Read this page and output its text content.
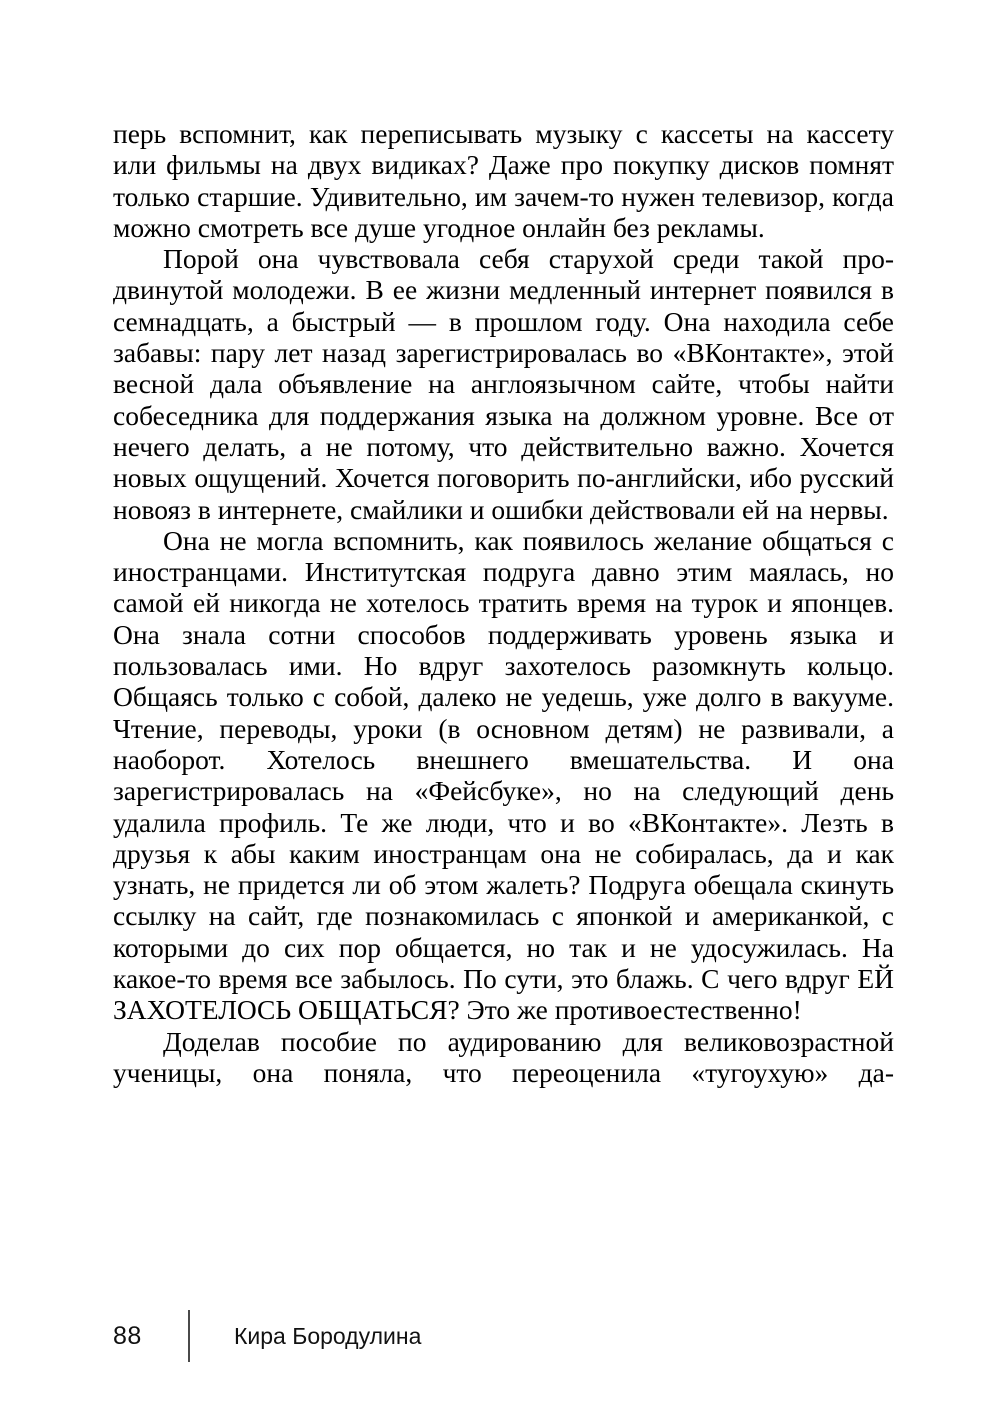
перь вспомнит, как переписывать музыку с кассеты на кассету или фильмы на двух видиках? Даже про покупку дисков помнят только старшие. Удивительно, им зачем-то нужен телевизор, когда можно смотреть все душе угодное онлайн без рекламы.

Порой она чувствовала себя старухой среди такой продвинутой молодежи. В ее жизни медленный интернет появился в семнадцать, а быстрый — в прошлом году. Она находила себе забавы: пару лет назад зарегистрировалась во «ВКонтакте», этой весной дала объявление на англоязычном сайте, чтобы найти собеседника для поддержания языка на должном уровне. Все от нечего делать, а не потому, что действительно важно. Хочется новых ощущений. Хочется поговорить по-английски, ибо русский новояз в интернете, смайлики и ошибки действовали ей на нервы.

Она не могла вспомнить, как появилось желание общаться с иностранцами. Институтская подруга давно этим маялась, но самой ей никогда не хотелось тратить время на турок и японцев. Она знала сотни способов поддерживать уровень языка и пользовалась ими. Но вдруг захотелось разомкнуть кольцо. Общаясь только с собой, далеко не уедешь, уже долго в вакууме. Чтение, переводы, уроки (в основном детям) не развивали, а наоборот. Хотелось внешнего вмешательства. И она зарегистрировалась на «Фейсбуке», но на следующий день удалила профиль. Те же люди, что и во «ВКонтакте». Лезть в друзья к абы каким иностранцам она не собиралась, да и как узнать, не придется ли об этом жалеть? Подруга обещала скинуть ссылку на сайт, где познакомилась с японкой и американкой, с которыми до сих пор общается, но так и не удосужилась. На какое-то время все забылось. По сути, это блажь. С чего вдруг ЕЙ ЗАХОТЕЛОСЬ ОБЩАТЬСЯ? Это же противоестественно!

Доделав пособие по аудированию для великовозрастной ученицы, она поняла, что переоценила «тугоухую» да-

88	Кира Бородулина
